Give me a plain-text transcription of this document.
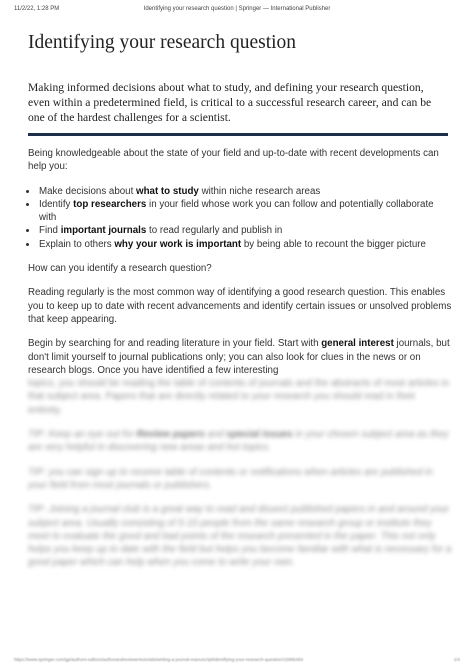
11/2/22, 1:28 PM	Identifying your research question | Springer — International Publisher
Identifying your research question

Making informed decisions about what to study, and defining your research question, even within a predetermined field, is critical to a successful research career, and can be one of the hardest challenges for a scientist.

Being knowledgeable about the state of your field and up-to-date with recent developments can help you:

• Make decisions about what to study within niche research areas
• Identify top researchers in your field whose work you can follow and potentially collaborate with
• Find important journals to read regularly and publish in
• Explain to others why your work is important by being able to recount the bigger picture

How can you identify a research question?

Reading regularly is the most common way of identifying a good research question. This enables you to keep up to date with recent advancements and identify certain issues or unsolved problems that keep appearing.

Begin by searching for and reading literature in your field. Start with general interest journals, but don't limit yourself to journal publications only; you can also look for clues in the news or on research blogs. Once you have identified a few interesting

topics, you should be reading the table of contents of journals and the abstracts of most articles in that subject area. Papers that are directly related to your research you should read in their entirety.

TIP: Keep an eye out for Review papers and special issues in your chosen subject area as they are very helpful in discovering new areas and hot topics.

TIP: you can sign up to receive table of contents or notifications when articles are published in your field from most journals or publishers.

TIP: Joining a journal club is a great way to read and dissect published papers in and around your subject area. Usually consisting of 5-10 people from the same research group or institute they meet to evaluate the good and bad points of the research presented in the paper. This not only helps you keep up to date with the field but helps you become familiar with what is necessary for a good paper which can help when you come to write your own.

https://www.springer.com/gp/authors-editors/authorandreviewertutorials/writing-a-journal-manuscript/identifying-your-research-question/15986484	1/4
